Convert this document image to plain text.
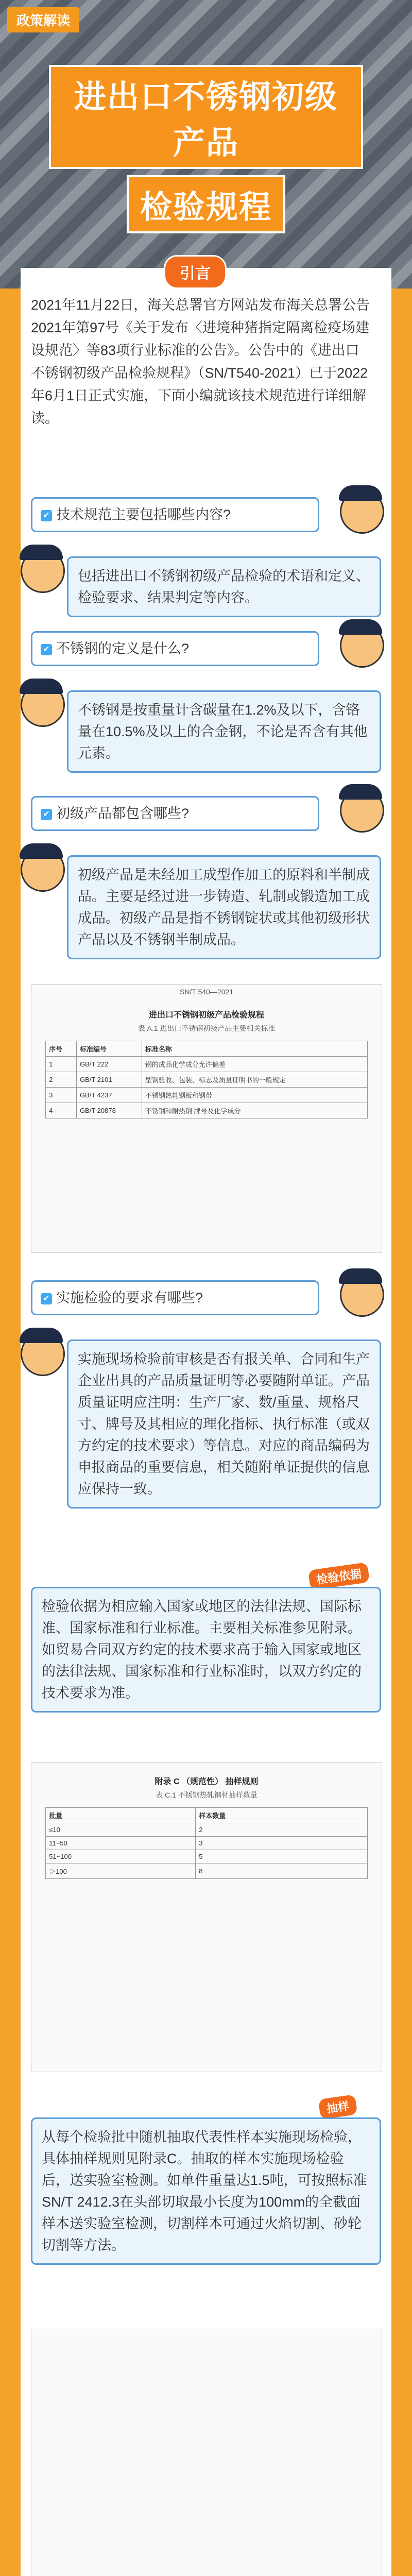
政策解读
进出口不锈钢初级产品 检验规程
引言
2021年11月22日，海关总署官方网站发布海关总署公告2021年第97号《关于发布〈进境种猪指定隔离检疫场建设规范〉等83项行业标准的公告》。公告中的《进出口不锈钢初级产品检验规程》（SN/T540-2021）已于2022年6月1日正式实施，下面小编就该技术规范进行详细解读。
✔ 技术规范主要包括哪些内容?
包括进出口不锈钢初级产品检验的术语和定义、检验要求、结果判定等内容。
✔ 不锈钢的定义是什么?
不锈钢是按重量计含碳量在1.2%及以下，含铬量在10.5%及以上的合金钢，不论是否含有其他元素。
✔ 初级产品都包含哪些?
初级产品是未经加工成型作加工的原料和半制成品。主要是经过进一步铸造、轧制或锻造加工成成品。初级产品是指不锈钢锭状或其他初级形状产品以及不锈钢半制成品。
SN/T 540—2021
进出口不锈钢初级产品检验规程
表 A.1 进出口不锈钢初级产品主要相关标准
序号	标准编号	标准名称
1	GB/T 222	钢的成品化学成分允许偏差
2	GB/T 2101	型钢验收、包装、标志及质量证明书的一般规定
3	GB/T 4237	不锈钢热轧钢板和钢带
4	GB/T 20878	不锈钢和耐热钢 牌号及化学成分
✔ 实施检验的要求有哪些?
实施现场检验前审核是否有报关单、合同和生产企业出具的产品质量证明等必要随附单证。产品质量证明应注明：生产厂家、数/重量、规格尺寸、牌号及其相应的理化指标、执行标准（或双方约定的技术要求）等信息。对应的商品编码为申报商品的重要信息，相关随附单证提供的信息应保持一致。
检验依据
检验依据为相应输入国家或地区的法律法规、国际标准、国家标准和行业标准。主要相关标准参见附录。如贸易合同双方约定的技术要求高于输入国家或地区的法律法规、国家标准和行业标准时，以双方约定的技术要求为准。
附录 C （规范性） 抽样规则
表 C.1 不锈钢热轧钢材抽样数量
批量	样本数量
≤10	2
11~50	3
51~100	5
＞100	8
抽样
从每个检验批中随机抽取代表性样本实施现场检验，具体抽样规则见附录C。抽取的样本实施现场检验后，送实验室检测。如单件重量达1.5吨，可按照标准SN/T 2412.3在头部切取最小长度为100mm的全截面样本送实验室检测，切割样本可通过火焰切割、砂轮切割等方法。
